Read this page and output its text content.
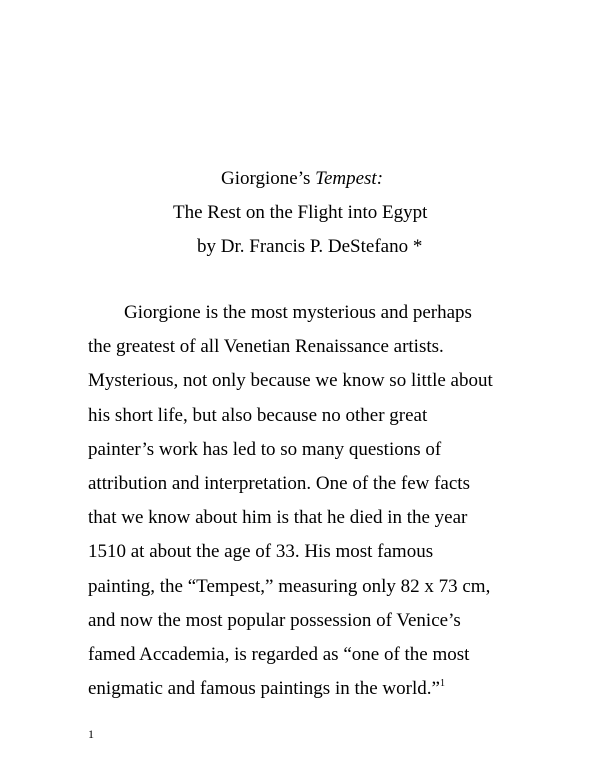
Giorgione’s Tempest:
The Rest on the Flight into Egypt
by Dr. Francis P. DeStefano *
Giorgione is the most mysterious and perhaps
the greatest of all Venetian Renaissance artists.
Mysterious, not only because we know so little about
his short life, but also because no other great
painter’s work has led to so many questions of
attribution and interpretation. One of the few facts
that we know about him is that he died in the year
1510 at about the age of 33. His most famous
painting, the “Tempest,” measuring only 82 x 73 cm,
and now the most popular possession of Venice’s
famed Accademia, is regarded as “one of the most
enigmatic and famous paintings in the world.”$^1$
1
